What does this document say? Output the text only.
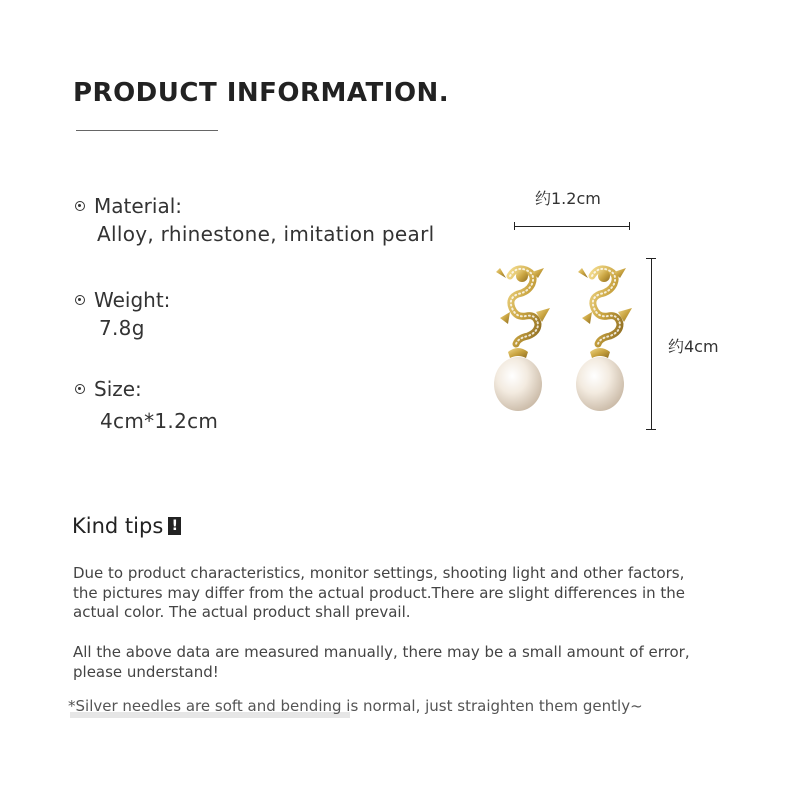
PRODUCT INFORMATION.
Material:
Alloy, rhinestone, imitation pearl
Weight:
7.8g
Size:
4cm*1.2cm
约1.2cm
约4cm
Kind tips !
Due to product characteristics, monitor settings, shooting light and other factors, the pictures may differ from the actual product.There are slight differences in the actual color. The actual product shall prevail.
All the above data are measured manually, there may be a small amount of error, please understand!
*Silver needles are soft and bending is normal, just straighten them gently~
